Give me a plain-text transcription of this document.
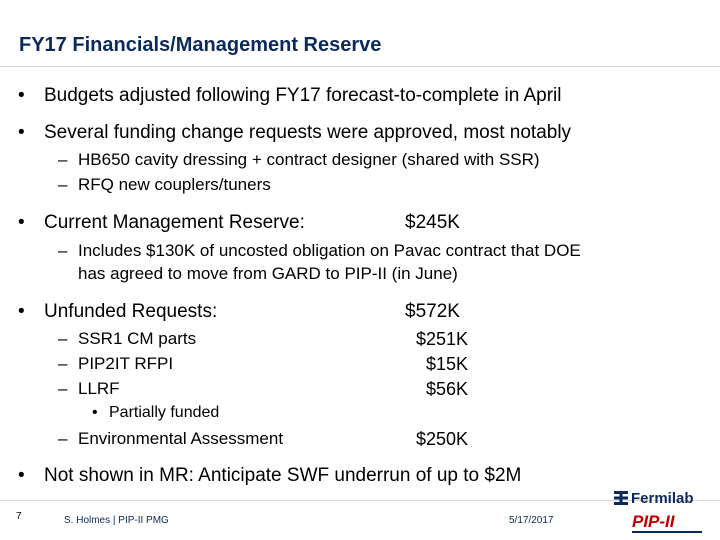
FY17 Financials/Management Reserve
• Budgets adjusted following FY17 forecast-to-complete in April
• Several funding change requests were approved, most notably
– HB650 cavity dressing + contract designer (shared with SSR)
– RFQ new couplers/tuners
• Current Management Reserve:	$245K
– Includes $130K of uncosted obligation on Pavac contract that DOE
has agreed to move from GARD to PIP-II (in June)
• Unfunded Requests:	$572K
– SSR1 CM parts	$251K
– PIP2IT RFPI	$15K
– LLRF	$56K
• Partially funded
– Environmental Assessment	$250K
• Not shown in MR: Anticipate SWF underrun of up to $2M
7	S. Holmes | PIP-II PMG	5/17/2017
Fermilab
PIP-II
